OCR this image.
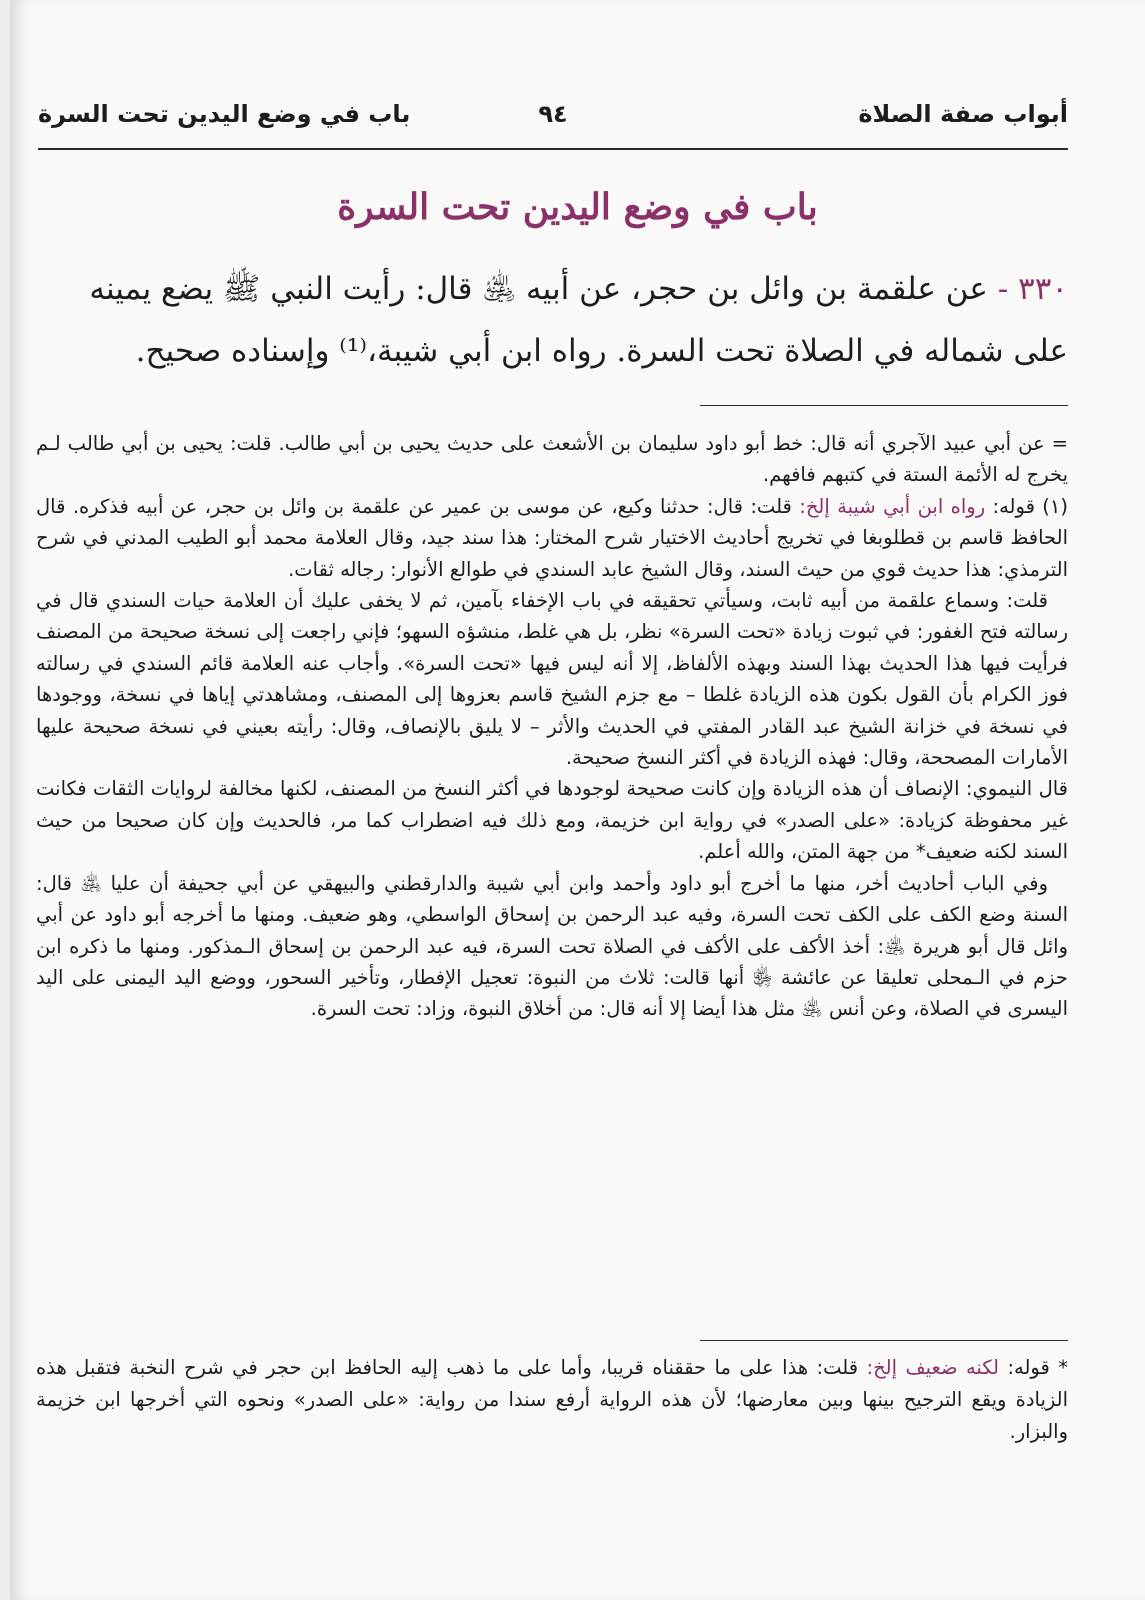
أبواب صفة الصلاة
٩٤
باب في وضع اليدين تحت السرة
باب في وضع اليدين تحت السرة
٣٣٠ - عن علقمة بن وائل بن حجر، عن أبيه ﵁ قال: رأيت النبي ﷺ يضع يمينه
على شماله في الصلاة تحت السرة. رواه ابن أبي شيبة،⁽¹⁾ وإسناده صحيح.

= عن أبي عبيد الآجري أنه قال: خط أبو داود سليمان بن الأشعث على حديث يحيى بن أبي طالب. قلت: يحيى بن أبي طالب لـم يخرج له الأئمة الستة في كتبهم فافهم.

(١) قوله: رواه ابن أبي شيبة إلخ: قلت: قال: حدثنا وكيع، عن موسى بن عمير عن علقمة بن وائل بن حجر، عن أبيه فذكره. قال الحافظ قاسم بن قطلوبغا في تخريج أحاديث الاختيار شرح المختار: هذا سند جيد، وقال العلامة محمد أبو الطيب المدني في شرح الترمذي: هذا حديث قوي من حيث السند، وقال الشيخ عابد السندي في طوالع الأنوار: رجاله ثقات.

قلت: وسماع علقمة من أبيه ثابت، وسيأتي تحقيقه في باب الإخفاء بآمين، ثم لا يخفى عليك أن العلامة حيات السندي قال في رسالته فتح الغفور: في ثبوت زيادة «تحت السرة» نظر، بل هي غلط، منشؤه السهو؛ فإني راجعت إلى نسخة صحيحة من المصنف فرأيت فيها هذا الحديث بهذا السند وبهذه الألفاظ، إلا أنه ليس فيها «تحت السرة». وأجاب عنه العلامة قائم السندي في رسالته فوز الكرام بأن القول بكون هذه الزيادة غلطا – مع جزم الشيخ قاسم بعزوها إلى المصنف، ومشاهدتي إياها في نسخة، ووجودها في نسخة في خزانة الشيخ عبد القادر المفتي في الحديث والأثر – لا يليق بالإنصاف، وقال: رأيته بعيني في نسخة صحيحة عليها الأمارات المصححة، وقال: فهذه الزيادة في أكثر النسخ صحيحة.

قال النيموي: الإنصاف أن هذه الزيادة وإن كانت صحيحة لوجودها في أكثر النسخ من المصنف، لكنها مخالفة لروايات الثقات فكانت غير محفوظة كزيادة: «على الصدر» في رواية ابن خزيمة، ومع ذلك فيه اضطراب كما مر، فالحديث وإن كان صحيحا من حيث السند لكنه ضعيف* من جهة المتن، والله أعلم.

وفي الباب أحاديث أخر، منها ما أخرج أبو داود وأحمد وابن أبي شيبة والدارقطني والبيهقي عن أبي جحيفة أن عليا ﵁ قال: السنة وضع الكف على الكف تحت السرة، وفيه عبد الرحمن بن إسحاق الواسطي، وهو ضعيف. ومنها ما أخرجه أبو داود عن أبي وائل قال أبو هريرة ﵁: أخذ الأكف على الأكف في الصلاة تحت السرة، فيه عبد الرحمن بن إسحاق الـمذكور. ومنها ما ذكره ابن حزم في الـمحلى تعليقا عن عائشة ﵂ أنها قالت: ثلاث من النبوة: تعجيل الإفطار، وتأخير السحور، ووضع اليد اليمنى على اليد اليسرى في الصلاة، وعن أنس ﵁ مثل هذا أيضا إلا أنه قال: من أخلاق النبوة، وزاد: تحت السرة.

* قوله: لكنه ضعيف إلخ: قلت: هذا على ما حققناه قريبا، وأما على ما ذهب إليه الحافظ ابن حجر في شرح النخبة فتقبل هذه الزيادة ويقع الترجيح بينها وبين معارضها؛ لأن هذه الرواية أرفع سندا من رواية: «على الصدر» ونحوه التي أخرجها ابن خزيمة والبزار.
